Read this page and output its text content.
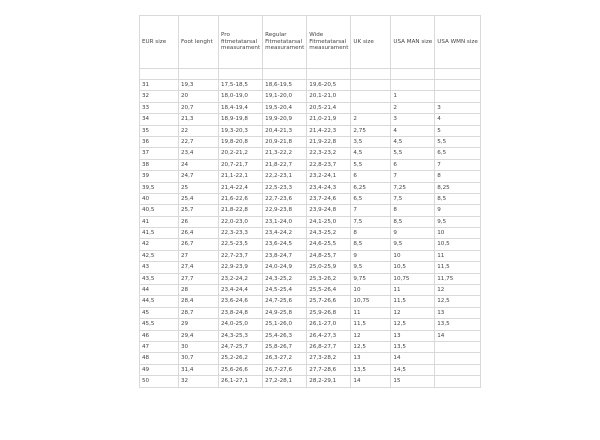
EUR size	Foot lenght	Pro
fitmetatarsal
measurament	Regular
Fitmetatarsal
measurament	Wide
Fitmetatarsal
measurament	UK size	USA MAN size	USA WMN size

31	19,3	17,5-18,5	18,6-19,5	19,6-20,5			
32	20	18,0-19,0	19,1-20,0	20,1-21,0		1	
33	20,7	18,4-19,4	19,5-20,4	20,5-21,4		2	3
34	21,3	18,9-19,8	19,9-20,9	21,0-21,9	2	3	4
35	22	19,3-20,3	20,4-21,3	21,4-22,3	2,75	4	5
36	22,7	19,8-20,8	20,9-21,8	21,9-22,8	3,5	4,5	5,5
37	23,4	20,2-21,2	21,3-22,2	22,3-23,2	4,5	5,5	6,5
38	24	20,7-21,7	21,8-22,7	22,8-23,7	5,5	6	7
39	24,7	21,1-22,1	22,2-23,1	23,2-24,1	6	7	8
39,5	25	21,4-22,4	22,5-23,3	23,4-24,3	6,25	7,25	8,25
40	25,4	21,6-22,6	22,7-23,6	23,7-24,6	6,5	7,5	8,5
40,5	25,7	21,8-22,8	22,9-23,8	23,9-24,8	7	8	9
41	26	22,0-23,0	23,1-24,0	24,1-25,0	7,5	8,5	9,5
41,5	26,4	22,3-23,3	23,4-24,2	24,3-25,2	8	9	10
42	26,7	22,5-23,5	23,6-24,5	24,6-25,5	8,5	9,5	10,5
42,5	27	22,7-23,7	23,8-24,7	24,8-25,7	9	10	11
43	27,4	22,9-23,9	24,0-24,9	25,0-25,9	9,5	10,5	11,5
43,5	27,7	23,2-24,2	24,3-25,2	25,3-26,2	9,75	10,75	11,75
44	28	23,4-24,4	24,5-25,4	25,5-26,4	10	11	12
44,5	28,4	23,6-24,6	24,7-25,6	25,7-26,6	10,75	11,5	12,5
45	28,7	23,8-24,8	24,9-25,8	25,9-26,8	11	12	13
45,5	29	24,0-25,0	25,1-26,0	26,1-27,0	11,5	12,5	13,5
46	29,4	24,3-25,3	25,4-26,3	26,4-27,3	12	13	14
47	30	24,7-25,7	25,8-26,7	26,8-27,7	12,5	13,5	
48	30,7	25,2-26,2	26,3-27,2	27,3-28,2	13	14	
49	31,4	25,6-26,6	26,7-27,6	27,7-28,6	13,5	14,5	
50	32	26,1-27,1	27,2-28,1	28,2-29,1	14	15	
